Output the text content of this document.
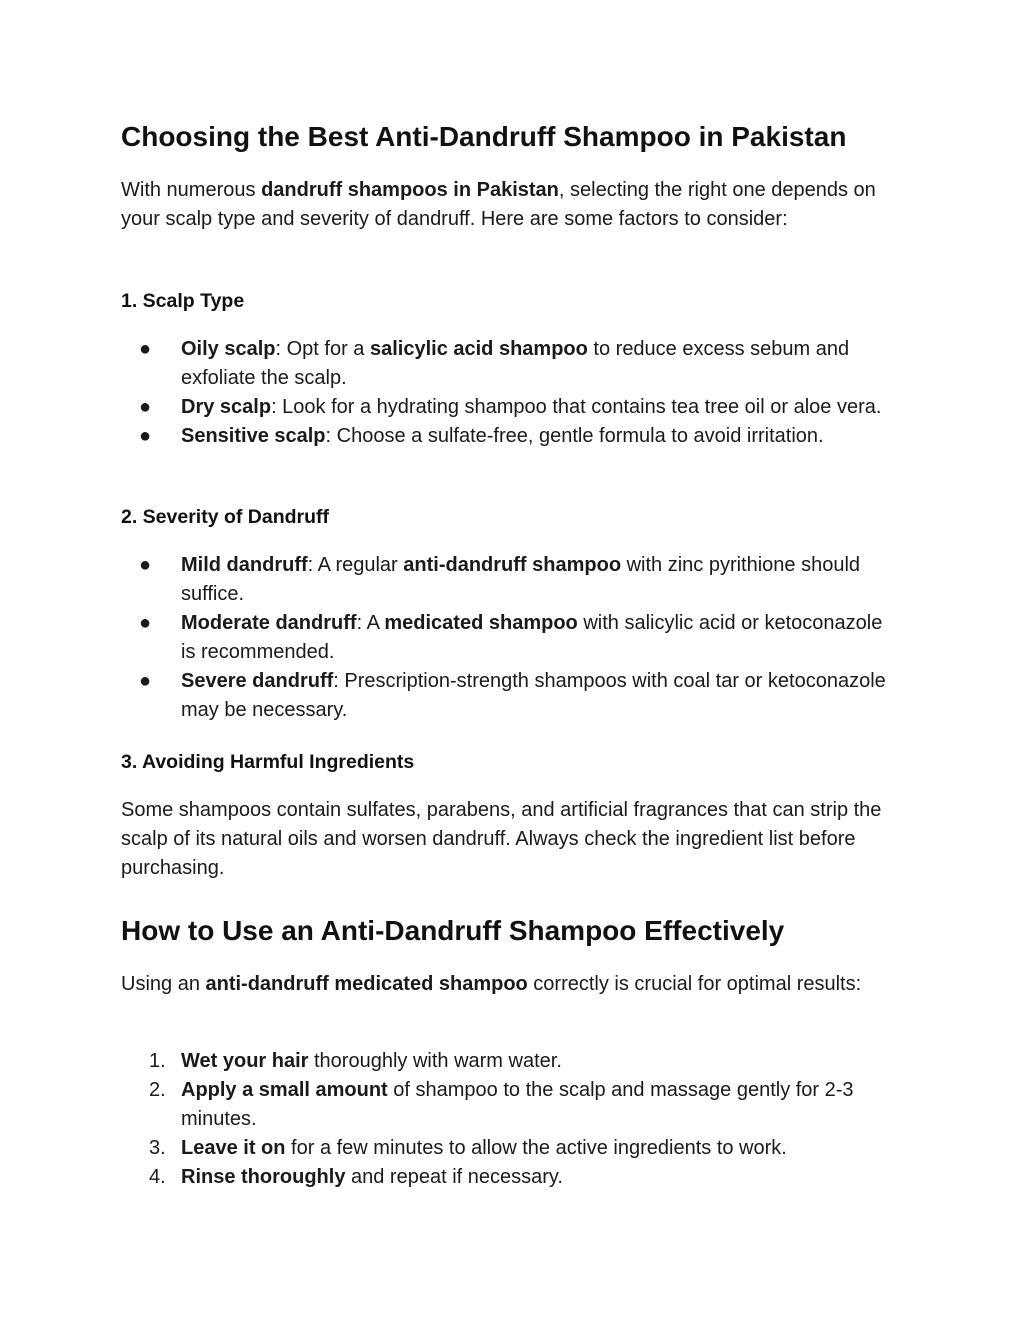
Choosing the Best Anti-Dandruff Shampoo in Pakistan

With numerous dandruff shampoos in Pakistan, selecting the right one depends on your scalp type and severity of dandruff. Here are some factors to consider:

1. Scalp Type
●	Oily scalp: Opt for a salicylic acid shampoo to reduce excess sebum and exfoliate the scalp.
●	Dry scalp: Look for a hydrating shampoo that contains tea tree oil or aloe vera.
●	Sensitive scalp: Choose a sulfate-free, gentle formula to avoid irritation.
2. Severity of Dandruff
●	Mild dandruff: A regular anti-dandruff shampoo with zinc pyrithione should suffice.
●	Moderate dandruff: A medicated shampoo with salicylic acid or ketoconazole is recommended.
●	Severe dandruff: Prescription-strength shampoos with coal tar or ketoconazole may be necessary.
3. Avoiding Harmful Ingredients

Some shampoos contain sulfates, parabens, and artificial fragrances that can strip the scalp of its natural oils and worsen dandruff. Always check the ingredient list before purchasing.

How to Use an Anti-Dandruff Shampoo Effectively

Using an anti-dandruff medicated shampoo correctly is crucial for optimal results:

1. Wet your hair thoroughly with warm water.
2. Apply a small amount of shampoo to the scalp and massage gently for 2-3 minutes.
3. Leave it on for a few minutes to allow the active ingredients to work.
4. Rinse thoroughly and repeat if necessary.
